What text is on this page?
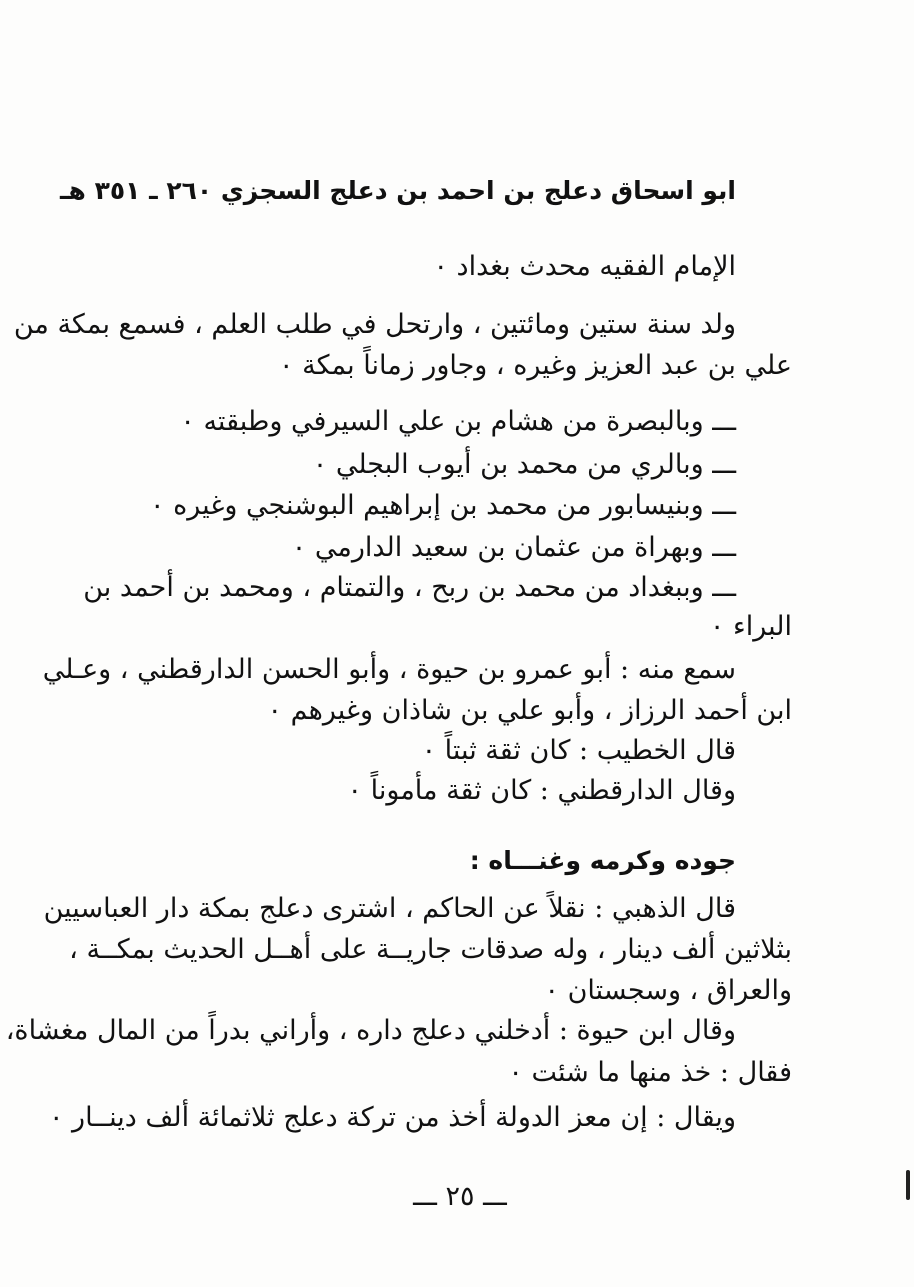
ابو اسحاق دعلج بن احمد بن دعلج السجزي ٢٦٠ ـ ٣٥١ هـ
الإمام الفقيه محدث بغداد ٠
ولد سنة ستين ومائتين ، وارتحل في طلب العلم ، فسمع بمكة من
علي بن عبد العزيز وغيره ، وجاور زماناً بمكة ٠
ـــ وبالبصرة من هشام بن علي السيرفي وطبقته ٠
ـــ وبالري من محمد بن أيوب البجلي ٠
ـــ وبنيسابور من محمد بن إبراهيم البوشنجي وغيره ٠
ـــ وبهراة من عثمان بن سعيد الدارمي ٠
ـــ وببغداد من محمد بن ربح ، والتمتام ، ومحمد بن أحمد بن
البراء ٠
سمع منه : أبو عمرو بن حيوة ، وأبو الحسن الدارقطني ، وعـلي
ابن أحمد الرزاز ، وأبو علي بن شاذان وغيرهم ٠
قال الخطيب : كان ثقة ثبتاً ٠
وقال الدارقطني : كان ثقة مأموناً ٠
جوده وكرمه وغنـــاه :
قال الذهبي : نقلاً عن الحاكم ، اشترى دعلج بمكة دار العباسيين
بثلاثين ألف دينار ، وله صدقات جاريــة على أهــل الحديث بمكــة ،
والعراق ، وسجستان ٠
وقال ابن حيوة : أدخلني دعلج داره ، وأراني بدراً من المال مغشاة،
فقال : خذ منها ما شئت ٠
ويقال : إن معز الدولة أخذ من تركة دعلج ثلاثمائة ألف دينــار ٠
ـــ ٢٥ ـــ
